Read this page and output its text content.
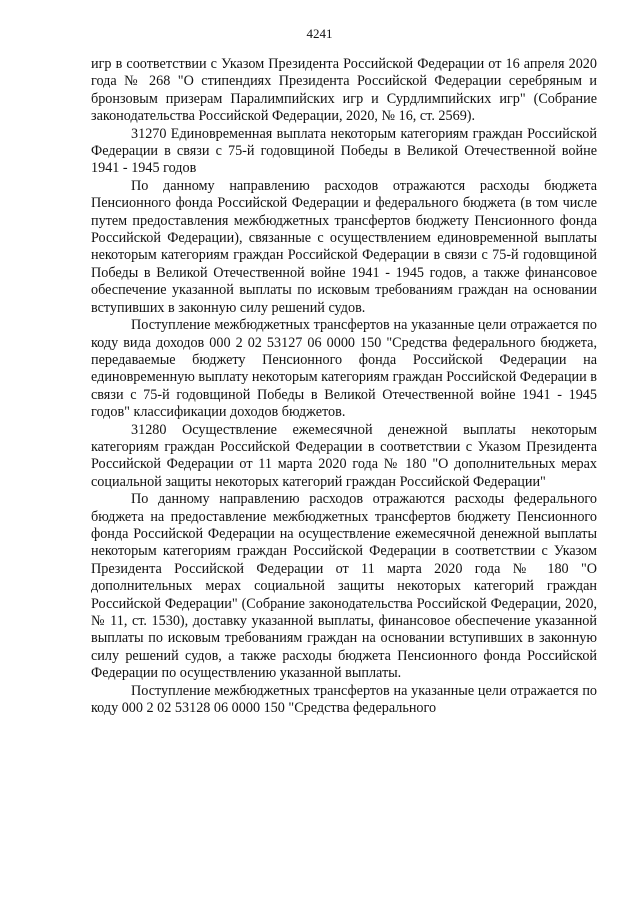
4241

игр в соответствии с Указом Президента Российской Федерации от 16 апреля 2020 года № 268 "О стипендиях Президента Российской Федерации серебряным и бронзовым призерам Паралимпийских игр и Сурдлимпийских игр" (Собрание законодательства Российской Федерации, 2020, № 16, ст. 2569).

31270 Единовременная выплата некоторым категориям граждан Российской Федерации в связи с 75-й годовщиной Победы в Великой Отечественной войне 1941 - 1945 годов

По данному направлению расходов отражаются расходы бюджета Пенсионного фонда Российской Федерации и федерального бюджета (в том числе путем предоставления межбюджетных трансфертов бюджету Пенсионного фонда Российской Федерации), связанные с осуществлением единовременной выплаты некоторым категориям граждан Российской Федерации в связи с 75-й годовщиной Победы в Великой Отечественной войне 1941 - 1945 годов, а также финансовое обеспечение указанной выплаты по исковым требованиям граждан на основании вступивших в законную силу решений судов.

Поступление межбюджетных трансфертов на указанные цели отражается по коду вида доходов 000 2 02 53127 06 0000 150 "Средства федерального бюджета, передаваемые бюджету Пенсионного фонда Российской Федерации на единовременную выплату некоторым категориям граждан Российской Федерации в связи с 75-й годовщиной Победы в Великой Отечественной войне 1941 - 1945 годов" классификации доходов бюджетов.

31280 Осуществление ежемесячной денежной выплаты некоторым категориям граждан Российской Федерации в соответствии с Указом Президента Российской Федерации от 11 марта 2020 года № 180 "О дополнительных мерах социальной защиты некоторых категорий граждан Российской Федерации"

По данному направлению расходов отражаются расходы федерального бюджета на предоставление межбюджетных трансфертов бюджету Пенсионного фонда Российской Федерации на осуществление ежемесячной денежной выплаты некоторым категориям граждан Российской Федерации в соответствии с Указом Президента Российской Федерации от 11 марта 2020 года № 180 "О дополнительных мерах социальной защиты некоторых категорий граждан Российской Федерации" (Собрание законодательства Российской Федерации, 2020, № 11, ст. 1530), доставку указанной выплаты, финансовое обеспечение указанной выплаты по исковым требованиям граждан на основании вступивших в законную силу решений судов, а также расходы бюджета Пенсионного фонда Российской Федерации по осуществлению указанной выплаты.

Поступление межбюджетных трансфертов на указанные цели отражается по коду 000 2 02 53128 06 0000 150 "Средства федерального
